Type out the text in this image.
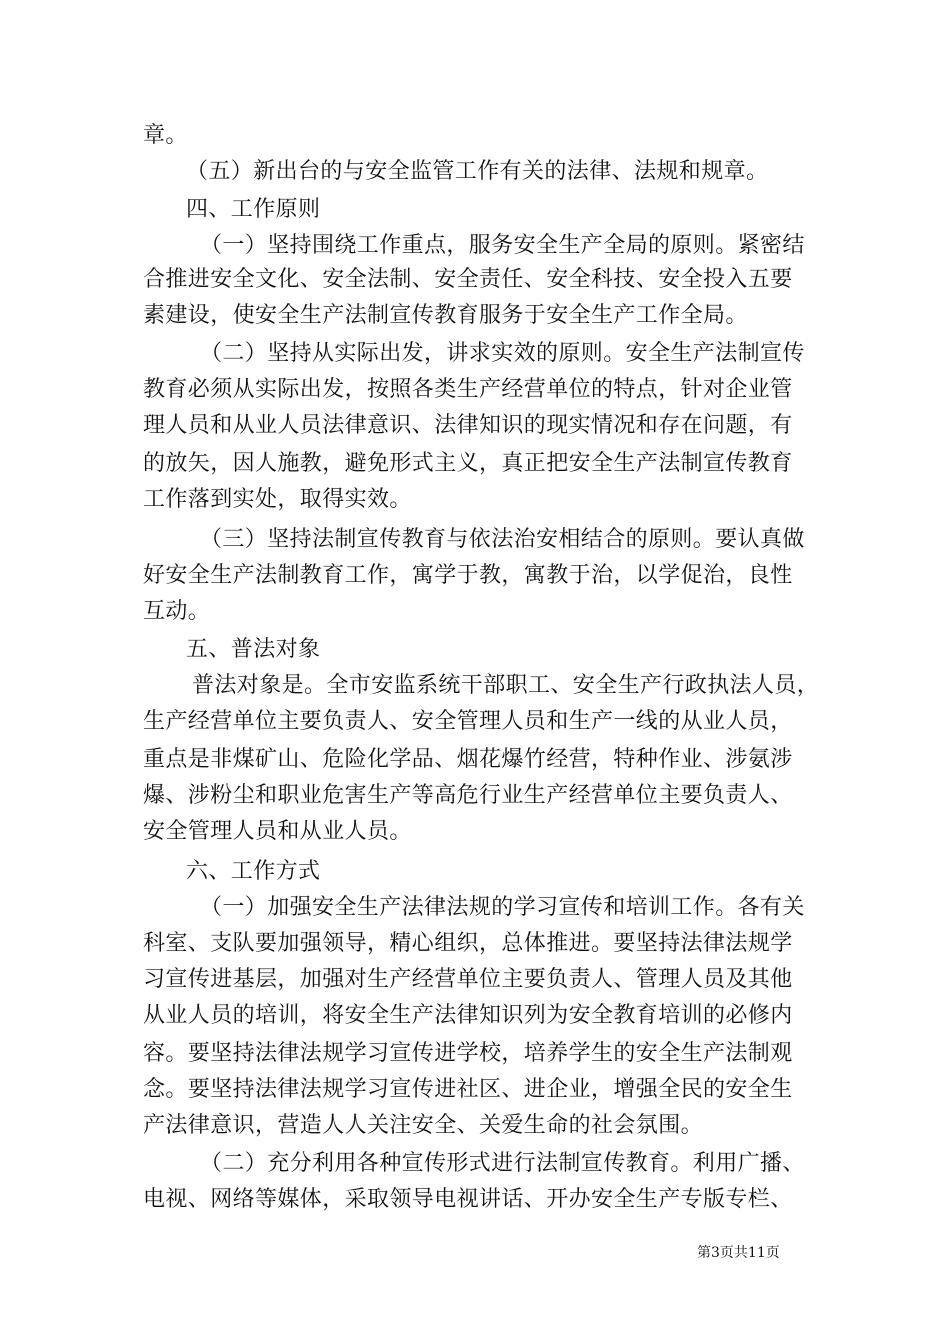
章。
（五）新出台的与安全监管工作有关的法律、法规和规章。
四、工作原则
（一）坚持围绕工作重点，服务安全生产全局的原则。紧密结
合推进安全文化、安全法制、安全责任、安全科技、安全投入五要
素建设，使安全生产法制宣传教育服务于安全生产工作全局。
（二）坚持从实际出发，讲求实效的原则。安全生产法制宣传
教育必须从实际出发，按照各类生产经营单位的特点，针对企业管
理人员和从业人员法律意识、法律知识的现实情况和存在问题，有
的放矢，因人施教，避免形式主义，真正把安全生产法制宣传教育
工作落到实处，取得实效。
（三）坚持法制宣传教育与依法治安相结合的原则。要认真做
好安全生产法制教育工作，寓学于教，寓教于治，以学促治，良性
互动。
五、普法对象
普法对象是。全市安监系统干部职工、安全生产行政执法人员，
生产经营单位主要负责人、安全管理人员和生产一线的从业人员，
重点是非煤矿山、危险化学品、烟花爆竹经营，特种作业、涉氨涉
爆、涉粉尘和职业危害生产等高危行业生产经营单位主要负责人、
安全管理人员和从业人员。
六、工作方式
（一）加强安全生产法律法规的学习宣传和培训工作。各有关
科室、支队要加强领导，精心组织，总体推进。要坚持法律法规学
习宣传进基层，加强对生产经营单位主要负责人、管理人员及其他
从业人员的培训，将安全生产法律知识列为安全教育培训的必修内
容。要坚持法律法规学习宣传进学校，培养学生的安全生产法制观
念。要坚持法律法规学习宣传进社区、进企业，增强全民的安全生
产法律意识，营造人人关注安全、关爱生命的社会氛围。
（二）充分利用各种宣传形式进行法制宣传教育。利用广播、
电视、网络等媒体，采取领导电视讲话、开办安全生产专版专栏、
第3页共11页
